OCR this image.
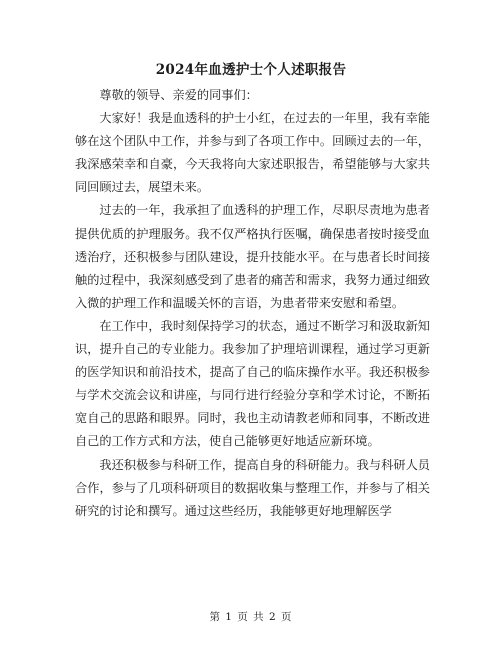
2024年血透护士个人述职报告

尊敬的领导、亲爱的同事们：

大家好！我是血透科的护士小红，在过去的一年里，我有幸能够在这个团队中工作，并参与到了各项工作中。回顾过去的一年，我深感荣幸和自豪，今天我将向大家述职报告，希望能够与大家共同回顾过去，展望未来。

过去的一年，我承担了血透科的护理工作，尽职尽责地为患者提供优质的护理服务。我不仅严格执行医嘱，确保患者按时接受血透治疗，还积极参与团队建设，提升技能水平。在与患者长时间接触的过程中，我深刻感受到了患者的痛苦和需求，我努力通过细致入微的护理工作和温暖关怀的言语，为患者带来安慰和希望。

在工作中，我时刻保持学习的状态，通过不断学习和汲取新知识，提升自己的专业能力。我参加了护理培训课程，通过学习更新的医学知识和前沿技术，提高了自己的临床操作水平。我还积极参与学术交流会议和讲座，与同行进行经验分享和学术讨论，不断拓宽自己的思路和眼界。同时，我也主动请教老师和同事，不断改进自己的工作方式和方法，使自己能够更好地适应新环境。

我还积极参与科研工作，提高自身的科研能力。我与科研人员合作，参与了几项科研项目的数据收集与整理工作，并参与了相关研究的讨论和撰写。通过这些经历，我能够更好地理解医学

第 1 页 共 2 页
